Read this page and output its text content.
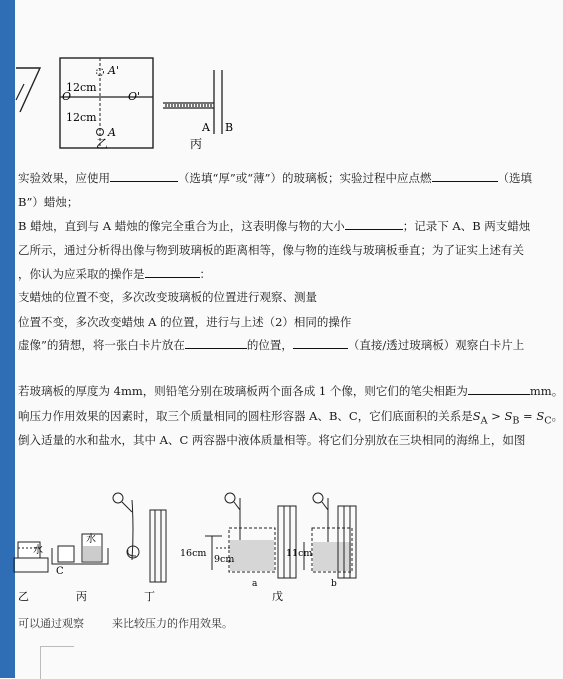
12cm
12cm
O	O'
A'
A
乙
A B
丙
实验效果，应使用	（选填“厚”或“薄”）的玻璃板；实验过程中应点燃	（选填
B”）蜡烛；
B 蜡烛，直到与 A 蜡烛的像完全重合为止，这表明像与物的大小	；记录下 A、B 两支蜡烛
乙所示，通过分析得出像与物到玻璃板的距离相等，像与物的连线与玻璃板垂直；为了证实上述有关
，你认为应采取的操作是	：
支蜡烛的位置不变，多次改变玻璃板的位置进行观察、测量
位置不变，多次改变蜡烛 A 的位置，进行与上述（2）相同的操作
虚像”的猜想，将一张白卡片放在	的位置，	（直接/透过玻璃板）观察白卡片上
若玻璃板的厚度为 4mm，则铅笔分别在玻璃板两个面各成 1 个像，则它们的笔尖相距为	mm。
响压力作用效果的因素时，取三个质量相同的圆柱形容器 A、B、C，它们底面积的关系是$S_A > S_B = S_C$。
倒入适量的水和盐水，其中 A、C 两容器中液体质量相等。将它们分别放在三块相同的海绵上，如图
水
C
水
16cm
9cm
a
11cm
b
乙	丙	丁	戊
可以通过观察	来比较压力的作用效果。
